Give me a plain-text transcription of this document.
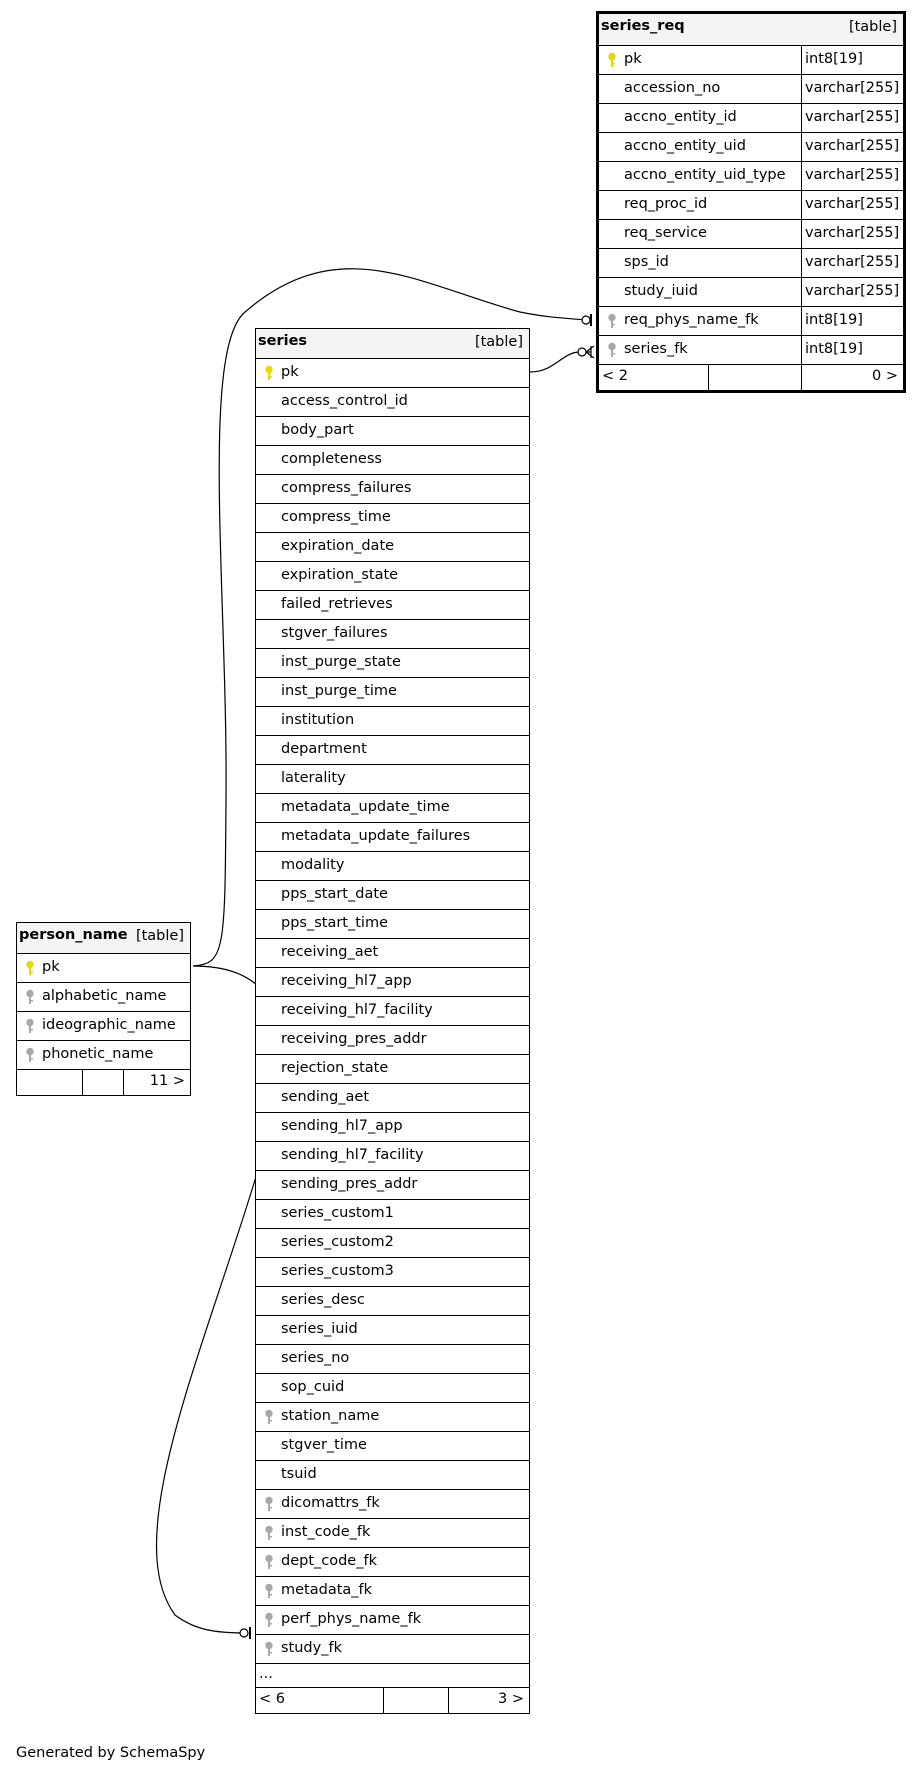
series_req	[table]
pk	int8[19]
accession_no	varchar[255]
accno_entity_id	varchar[255]
accno_entity_uid	varchar[255]
accno_entity_uid_type varchar[255]
req_proc_id	varchar[255]
req_service	varchar[255]
sps_id	varchar[255]
study_iuid	varchar[255]
req_phys_name_fk	int8[19]
series_fk	int8[19]
< 2	0 >
series	[table]
pk
access_control_id
body_part
completeness
compress_failures
compress_time
expiration_date
expiration_state
failed_retrieves
stgver_failures
inst_purge_state
inst_purge_time
institution
department
laterality
metadata_update_time
metadata_update_failures
modality
pps_start_date
pps_start_time
receiving_aet
receiving_hl7_app
receiving_hl7_facility
receiving_pres_addr
rejection_state
sending_aet
sending_hl7_app
sending_hl7_facility
sending_pres_addr
series_custom1
series_custom2
series_custom3
series_desc
series_iuid
series_no
sop_cuid
station_name
stgver_time
tsuid
dicomattrs_fk
inst_code_fk
dept_code_fk
metadata_fk
perf_phys_name_fk
study_fk
...
< 6	3 >
person_name [table]
pk
alphabetic_name
ideographic_name
phonetic_name
11 >
Generated by SchemaSpy
